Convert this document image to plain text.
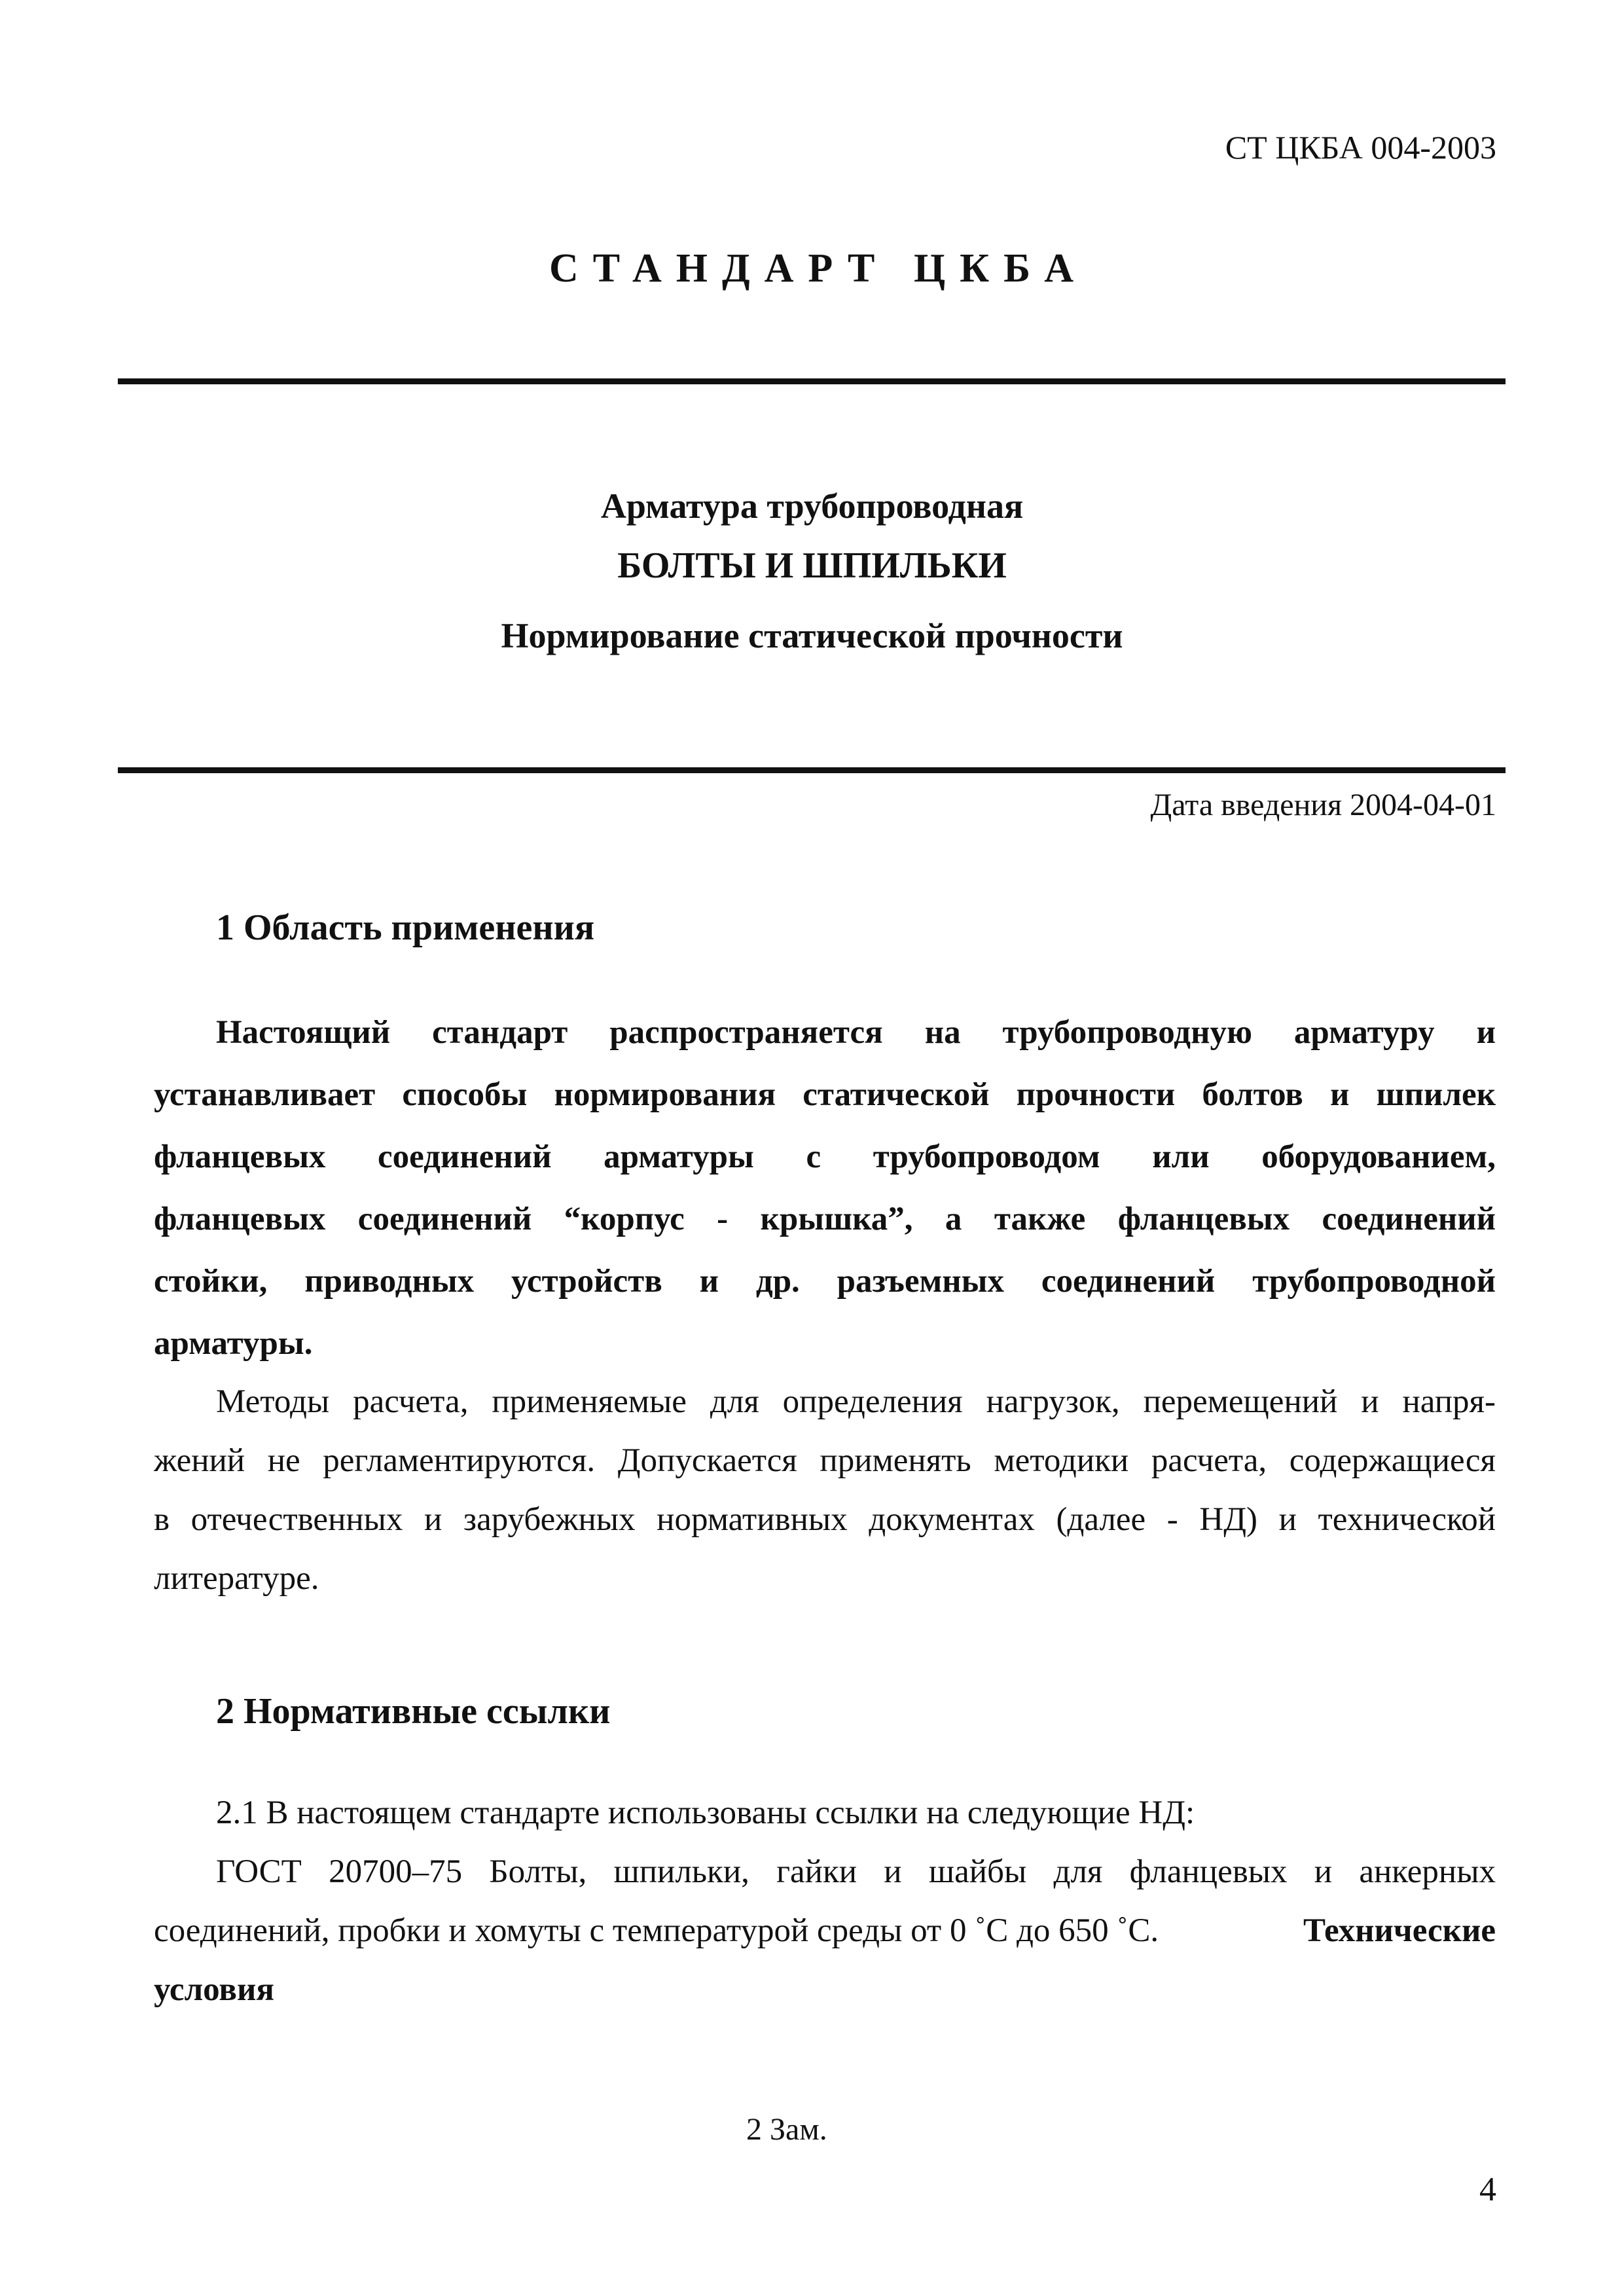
СТ ЦКБА 004-2003
СТАНДАРТ ЦКБА
Арматура трубопроводная
БОЛТЫ И ШПИЛЬКИ
Нормирование статической прочности
Дата введения 2004-04-01
1 Область применения
Настоящий стандарт распространяется на трубопроводную арматуру и
устанавливает способы нормирования статической прочности болтов и шпилек
фланцевых соединений арматуры с трубопроводом или оборудованием,
фланцевых соединений “корпус - крышка”, а также фланцевых соединений
стойки, приводных устройств и др. разъемных соединений трубопроводной
арматуры.
Методы расчета, применяемые для определения нагрузок, перемещений и напря-
жений не регламентируются. Допускается применять методики расчета, содержащиеся
в отечественных и зарубежных нормативных документах (далее - НД) и технической
литературе.
2 Нормативные ссылки
2.1 В настоящем стандарте использованы ссылки на следующие НД:
ГОСТ 20700–75 Болты, шпильки, гайки и шайбы для фланцевых и анкерных
соединений, пробки и хомуты с температурой среды от 0 ˚С до 650 ˚С.	Технические
условия
2 Зам.
4
